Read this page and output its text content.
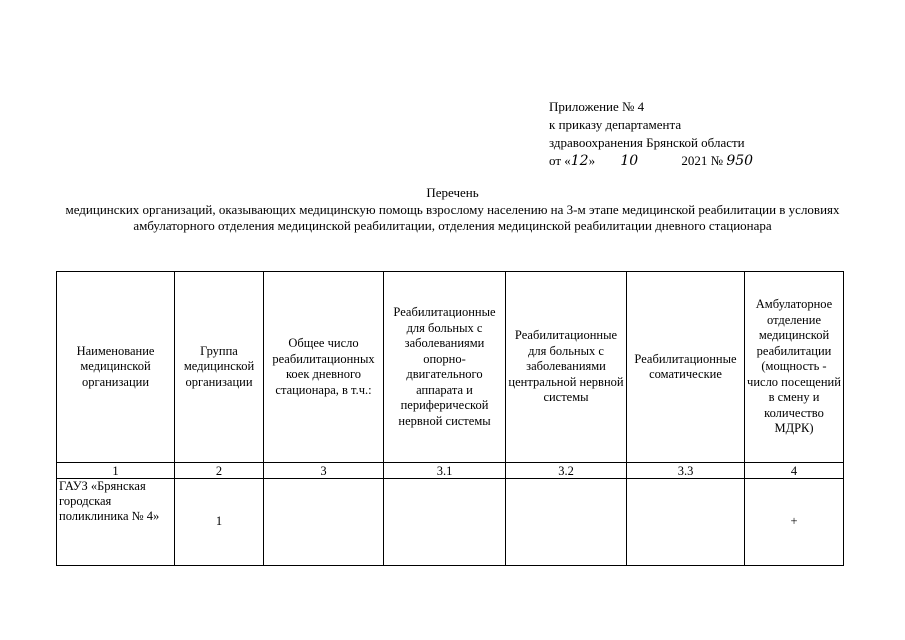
Приложение № 4
к приказу департамента
здравоохранения Брянской области
от «12» 10	2021 № 950
Перечень
медицинских организаций, оказывающих медицинскую помощь взрослому населению на 3-м этапе медицинской реабилитации в условиях амбулаторного отделения медицинской реабилитации, отделения медицинской реабилитации дневного стационара
Наименование медицинской организации	Группа медицинской организации	Общее число реабилитационных коек дневного стационара, в т.ч.:	Реабилитационные для больных с заболеваниями опорно-двигательного аппарата и периферической нервной системы	Реабилитационные для больных с заболеваниями центральной нервной системы	Реабилитационные соматические	Амбулаторное отделение медицинской реабилитации (мощность - число посещений в смену и количество МДРК)
1	2	3	3.1	3.2	3.3	4
ГАУЗ «Брянская городская поликлиника № 4»	1					+
